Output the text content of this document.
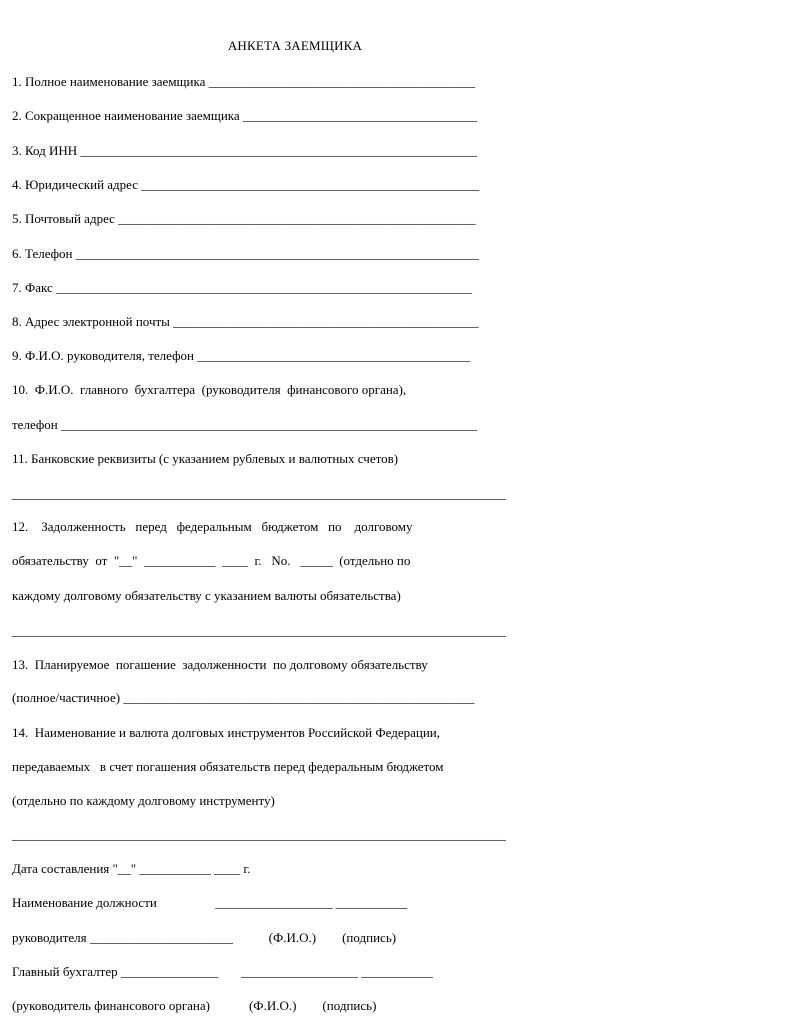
АНКЕТА ЗАЕМЩИКА
1. Полное наименование заемщика _________________________________________
2. Сокращенное наименование заемщика ____________________________________
3. Код ИНН _____________________________________________________________
4. Юридический адрес ____________________________________________________
5. Почтовый адрес _______________________________________________________
6. Телефон ______________________________________________________________
7. Факс ________________________________________________________________
8. Адрес электронной почты _______________________________________________
9. Ф.И.О. руководителя, телефон __________________________________________
10.  Ф.И.О.  главного  бухгалтера  (руководителя  финансового органа),
телефон ________________________________________________________________
11. Банковские реквизиты (с указанием рублевых и валютных счетов)
____________________________________________________________________________
12.    Задолженность   перед   федеральным   бюджетом   по    долговому
обязательству  от  "__"  ___________  ____  г.   No.   _____  (отдельно по
каждому долговому обязательству с указанием валюты обязательства)
____________________________________________________________________________
13.  Планируемое  погашение  задолженности  по долговому обязательству
(полное/частичное) ______________________________________________________
14.  Наименование и валюта долговых инструментов Российской Федерации,
передаваемых   в счет погашения обязательств перед федеральным бюджетом
(отдельно по каждому долговому инструменту)
____________________________________________________________________________
Дата составления "__" ___________ ____ г.
Наименование должности                  __________________ ___________
руководителя ______________________           (Ф.И.О.)        (подпись)
Главный бухгалтер _______________       __________________ ___________
(руководитель финансового органа)            (Ф.И.О.)        (подпись)
